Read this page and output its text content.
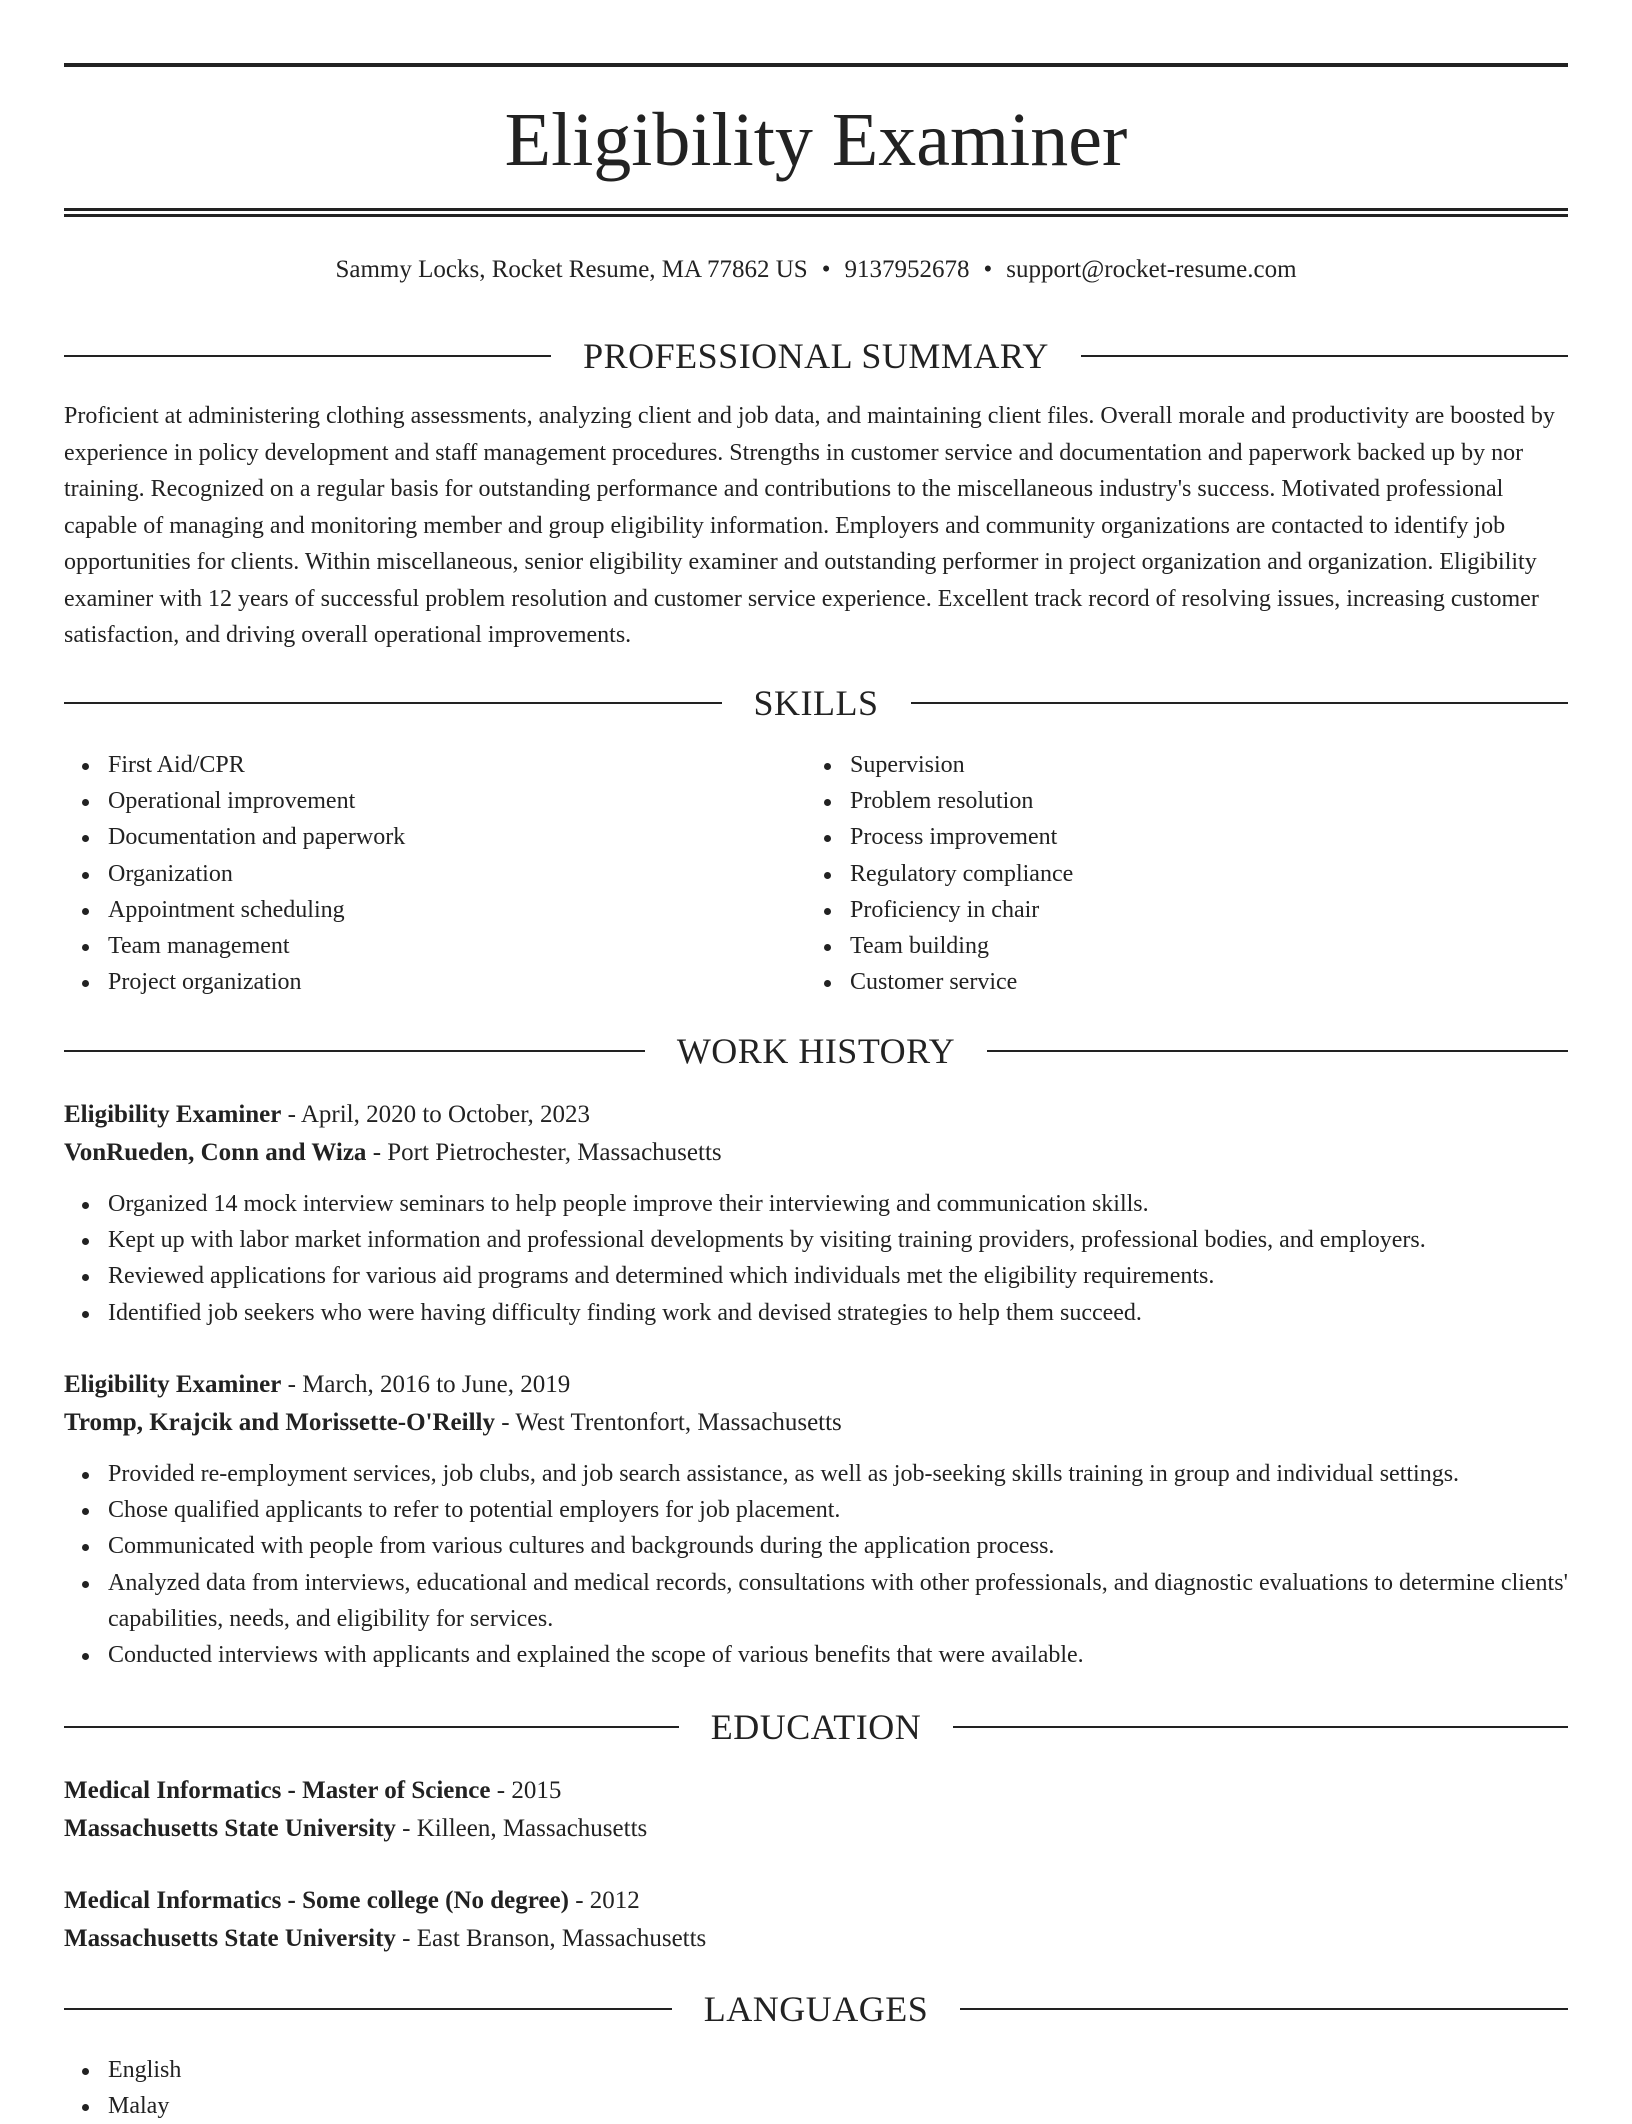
Eligibility Examiner
Sammy Locks, Rocket Resume, MA 77862 US • 9137952678 • support@rocket-resume.com
PROFESSIONAL SUMMARY

Proficient at administering clothing assessments, analyzing client and job data, and maintaining client files. Overall morale and productivity are boosted by experience in policy development and staff management procedures. Strengths in customer service and documentation and paperwork backed up by nor training. Recognized on a regular basis for outstanding performance and contributions to the miscellaneous industry's success. Motivated professional capable of managing and monitoring member and group eligibility information. Employers and community organizations are contacted to identify job opportunities for clients. Within miscellaneous, senior eligibility examiner and outstanding performer in project organization and organization. Eligibility examiner with 12 years of successful problem resolution and customer service experience. Excellent track record of resolving issues, increasing customer satisfaction, and driving overall operational improvements.

SKILLS
First Aid/CPR
Operational improvement
Documentation and paperwork
Organization
Appointment scheduling
Team management
Project organization
Supervision
Problem resolution
Process improvement
Regulatory compliance
Proficiency in chair
Team building
Customer service
WORK HISTORY
Eligibility Examiner - April, 2020 to October, 2023
VonRueden, Conn and Wiza - Port Pietrochester, Massachusetts
Organized 14 mock interview seminars to help people improve their interviewing and communication skills.
Kept up with labor market information and professional developments by visiting training providers, professional bodies, and employers.
Reviewed applications for various aid programs and determined which individuals met the eligibility requirements.
Identified job seekers who were having difficulty finding work and devised strategies to help them succeed.
Eligibility Examiner - March, 2016 to June, 2019
Tromp, Krajcik and Morissette-O'Reilly - West Trentonfort, Massachusetts
Provided re-employment services, job clubs, and job search assistance, as well as job-seeking skills training in group and individual settings.
Chose qualified applicants to refer to potential employers for job placement.
Communicated with people from various cultures and backgrounds during the application process.
Analyzed data from interviews, educational and medical records, consultations with other professionals, and diagnostic evaluations to determine clients' capabilities, needs, and eligibility for services.
Conducted interviews with applicants and explained the scope of various benefits that were available.
EDUCATION
Medical Informatics - Master of Science - 2015
Massachusetts State University - Killeen, Massachusetts
Medical Informatics - Some college (No degree) - 2012
Massachusetts State University - East Branson, Massachusetts
LANGUAGES
English
Malay
